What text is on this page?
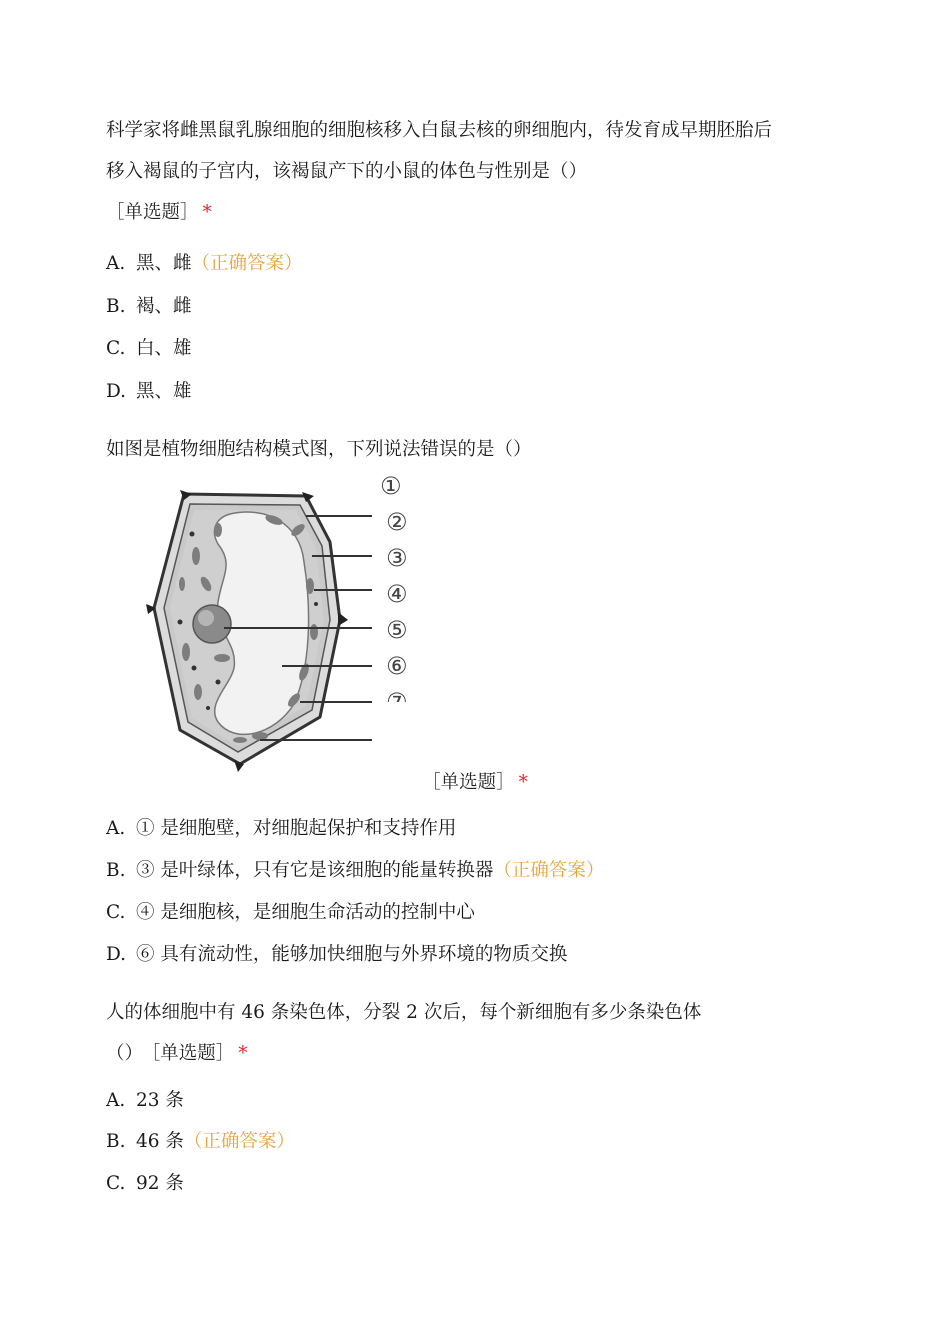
科学家将雌黑鼠乳腺细胞的细胞核移入白鼠去核的卵细胞内，待发育成早期胚胎后
移入褐鼠的子宫内，该褐鼠产下的小鼠的体色与性别是（）
［单选题］ *
A. 黑、雌（正确答案）
B. 褐、雌
C. 白、雄
D. 黑、雄
如图是植物细胞结构模式图，下列说法错误的是（）
①
②
③
④
⑤
⑥
⑦
［单选题］ *
A. ① 是细胞壁，对细胞起保护和支持作用
B. ③ 是叶绿体，只有它是该细胞的能量转换器（正确答案）
C. ④ 是细胞核，是细胞生命活动的控制中心
D. ⑥ 具有流动性，能够加快细胞与外界环境的物质交换
人的体细胞中有 46 条染色体，分裂 2 次后，每个新细胞有多少条染色体
（） ［单选题］ *
A. 23 条
B. 46 条（正确答案）
C. 92 条
